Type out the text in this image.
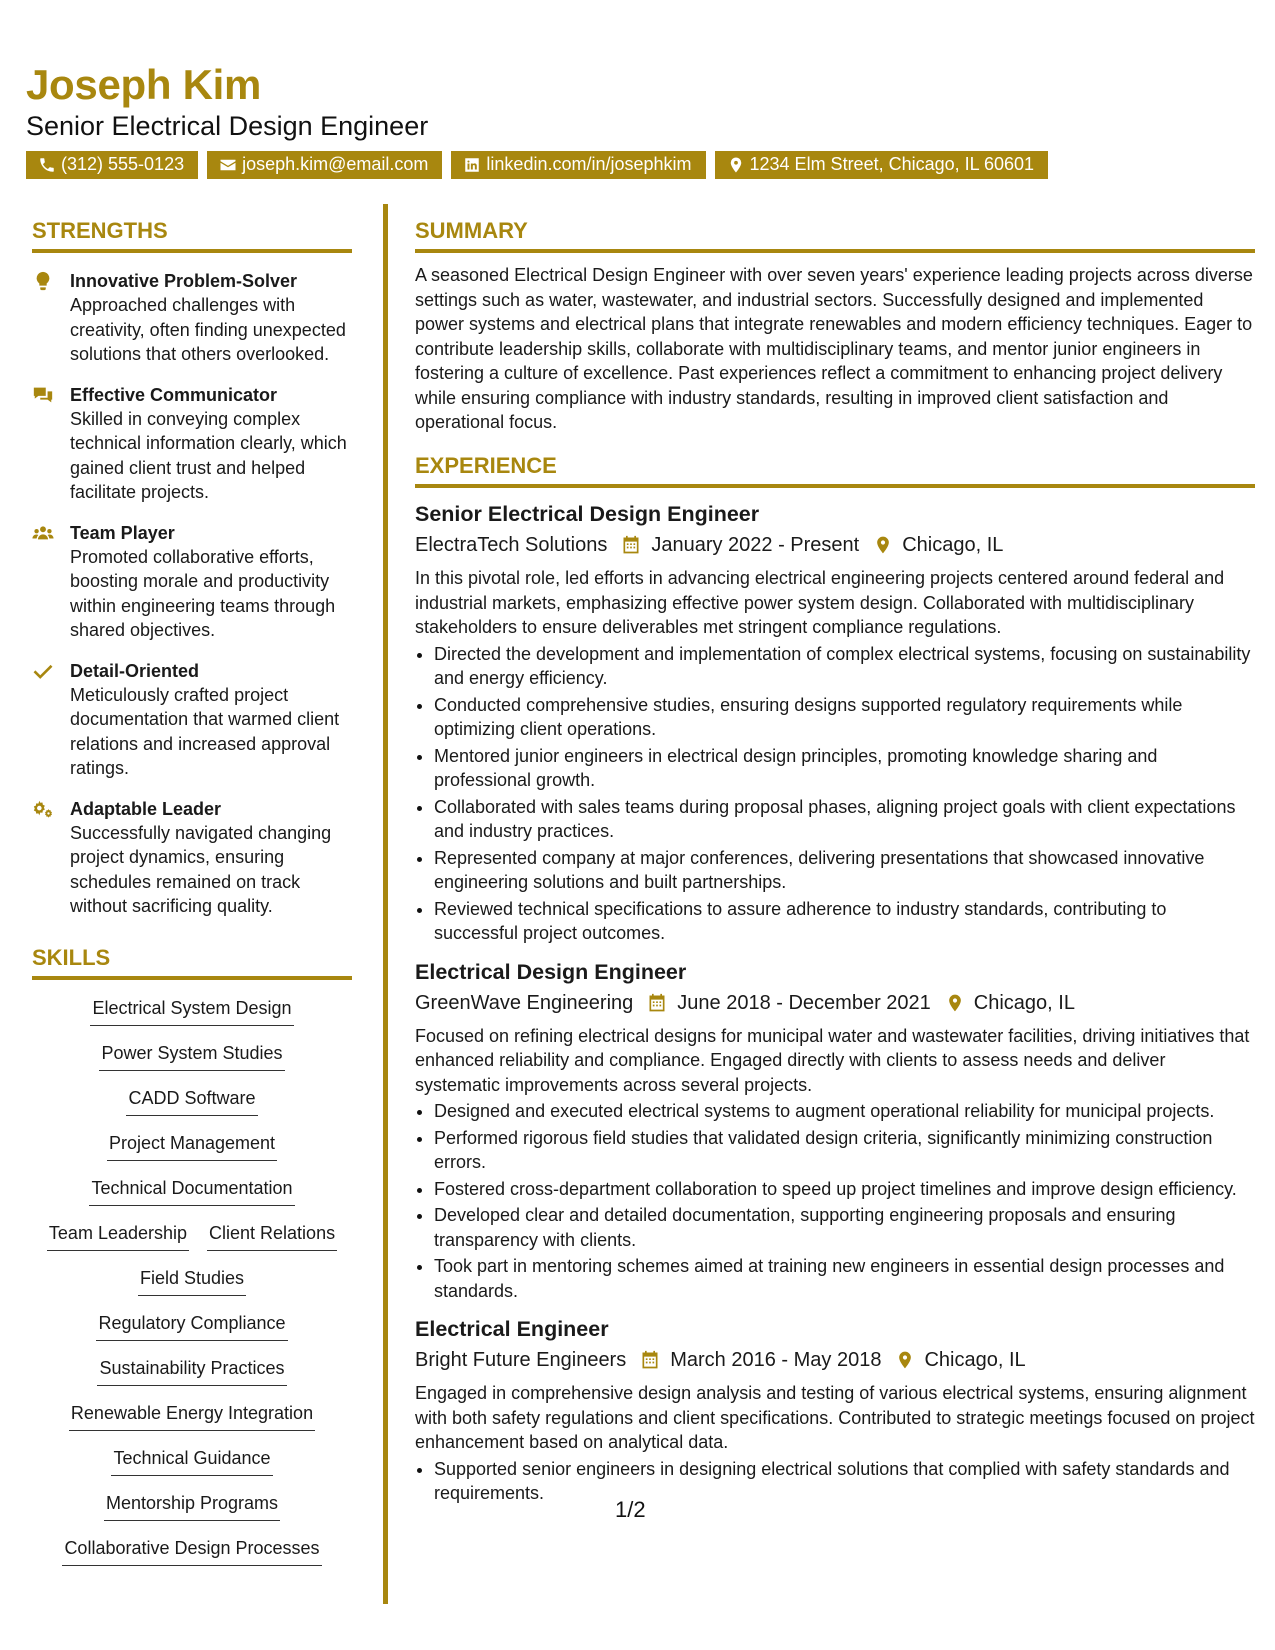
Joseph Kim
Senior Electrical Design Engineer
(312) 555-0123	joseph.kim@email.com	linkedin.com/in/josephkim	1234 Elm Street, Chicago, IL 60601
STRENGTHS
Innovative Problem-Solver
Approached challenges with creativity, often finding unexpected solutions that others overlooked.
Effective Communicator
Skilled in conveying complex technical information clearly, which gained client trust and helped facilitate projects.
Team Player
Promoted collaborative efforts, boosting morale and productivity within engineering teams through shared objectives.
Detail-Oriented
Meticulously crafted project documentation that warmed client relations and increased approval ratings.
Adaptable Leader
Successfully navigated changing project dynamics, ensuring schedules remained on track without sacrificing quality.
SKILLS
Electrical System Design
Power System Studies
CADD Software
Project Management
Technical Documentation
Team Leadership Client Relations
Field Studies
Regulatory Compliance
Sustainability Practices
Renewable Energy Integration
Technical Guidance
Mentorship Programs
Collaborative Design Processes
SUMMARY
A seasoned Electrical Design Engineer with over seven years' experience leading projects across diverse settings such as water, wastewater, and industrial sectors. Successfully designed and implemented power systems and electrical plans that integrate renewables and modern efficiency techniques. Eager to contribute leadership skills, collaborate with multidisciplinary teams, and mentor junior engineers in fostering a culture of excellence. Past experiences reflect a commitment to enhancing project delivery while ensuring compliance with industry standards, resulting in improved client satisfaction and operational focus.
EXPERIENCE
Senior Electrical Design Engineer
ElectraTech Solutions January 2022 - Present Chicago, IL
In this pivotal role, led efforts in advancing electrical engineering projects centered around federal and industrial markets, emphasizing effective power system design. Collaborated with multidisciplinary stakeholders to ensure deliverables met stringent compliance regulations.
• Directed the development and implementation of complex electrical systems, focusing on sustainability and energy efficiency.
• Conducted comprehensive studies, ensuring designs supported regulatory requirements while optimizing client operations.
• Mentored junior engineers in electrical design principles, promoting knowledge sharing and professional growth.
• Collaborated with sales teams during proposal phases, aligning project goals with client expectations and industry practices.
• Represented company at major conferences, delivering presentations that showcased innovative engineering solutions and built partnerships.
• Reviewed technical specifications to assure adherence to industry standards, contributing to successful project outcomes.
Electrical Design Engineer
GreenWave Engineering June 2018 - December 2021 Chicago, IL
Focused on refining electrical designs for municipal water and wastewater facilities, driving initiatives that enhanced reliability and compliance. Engaged directly with clients to assess needs and deliver systematic improvements across several projects.
• Designed and executed electrical systems to augment operational reliability for municipal projects.
• Performed rigorous field studies that validated design criteria, significantly minimizing construction errors.
• Fostered cross-department collaboration to speed up project timelines and improve design efficiency.
• Developed clear and detailed documentation, supporting engineering proposals and ensuring transparency with clients.
• Took part in mentoring schemes aimed at training new engineers in essential design processes and standards.
Electrical Engineer
Bright Future Engineers March 2016 - May 2018 Chicago, IL
Engaged in comprehensive design analysis and testing of various electrical systems, ensuring alignment with both safety regulations and client specifications. Contributed to strategic meetings focused on project enhancement based on analytical data.
• Supported senior engineers in designing electrical solutions that complied with safety standards and requirements.
1/2
